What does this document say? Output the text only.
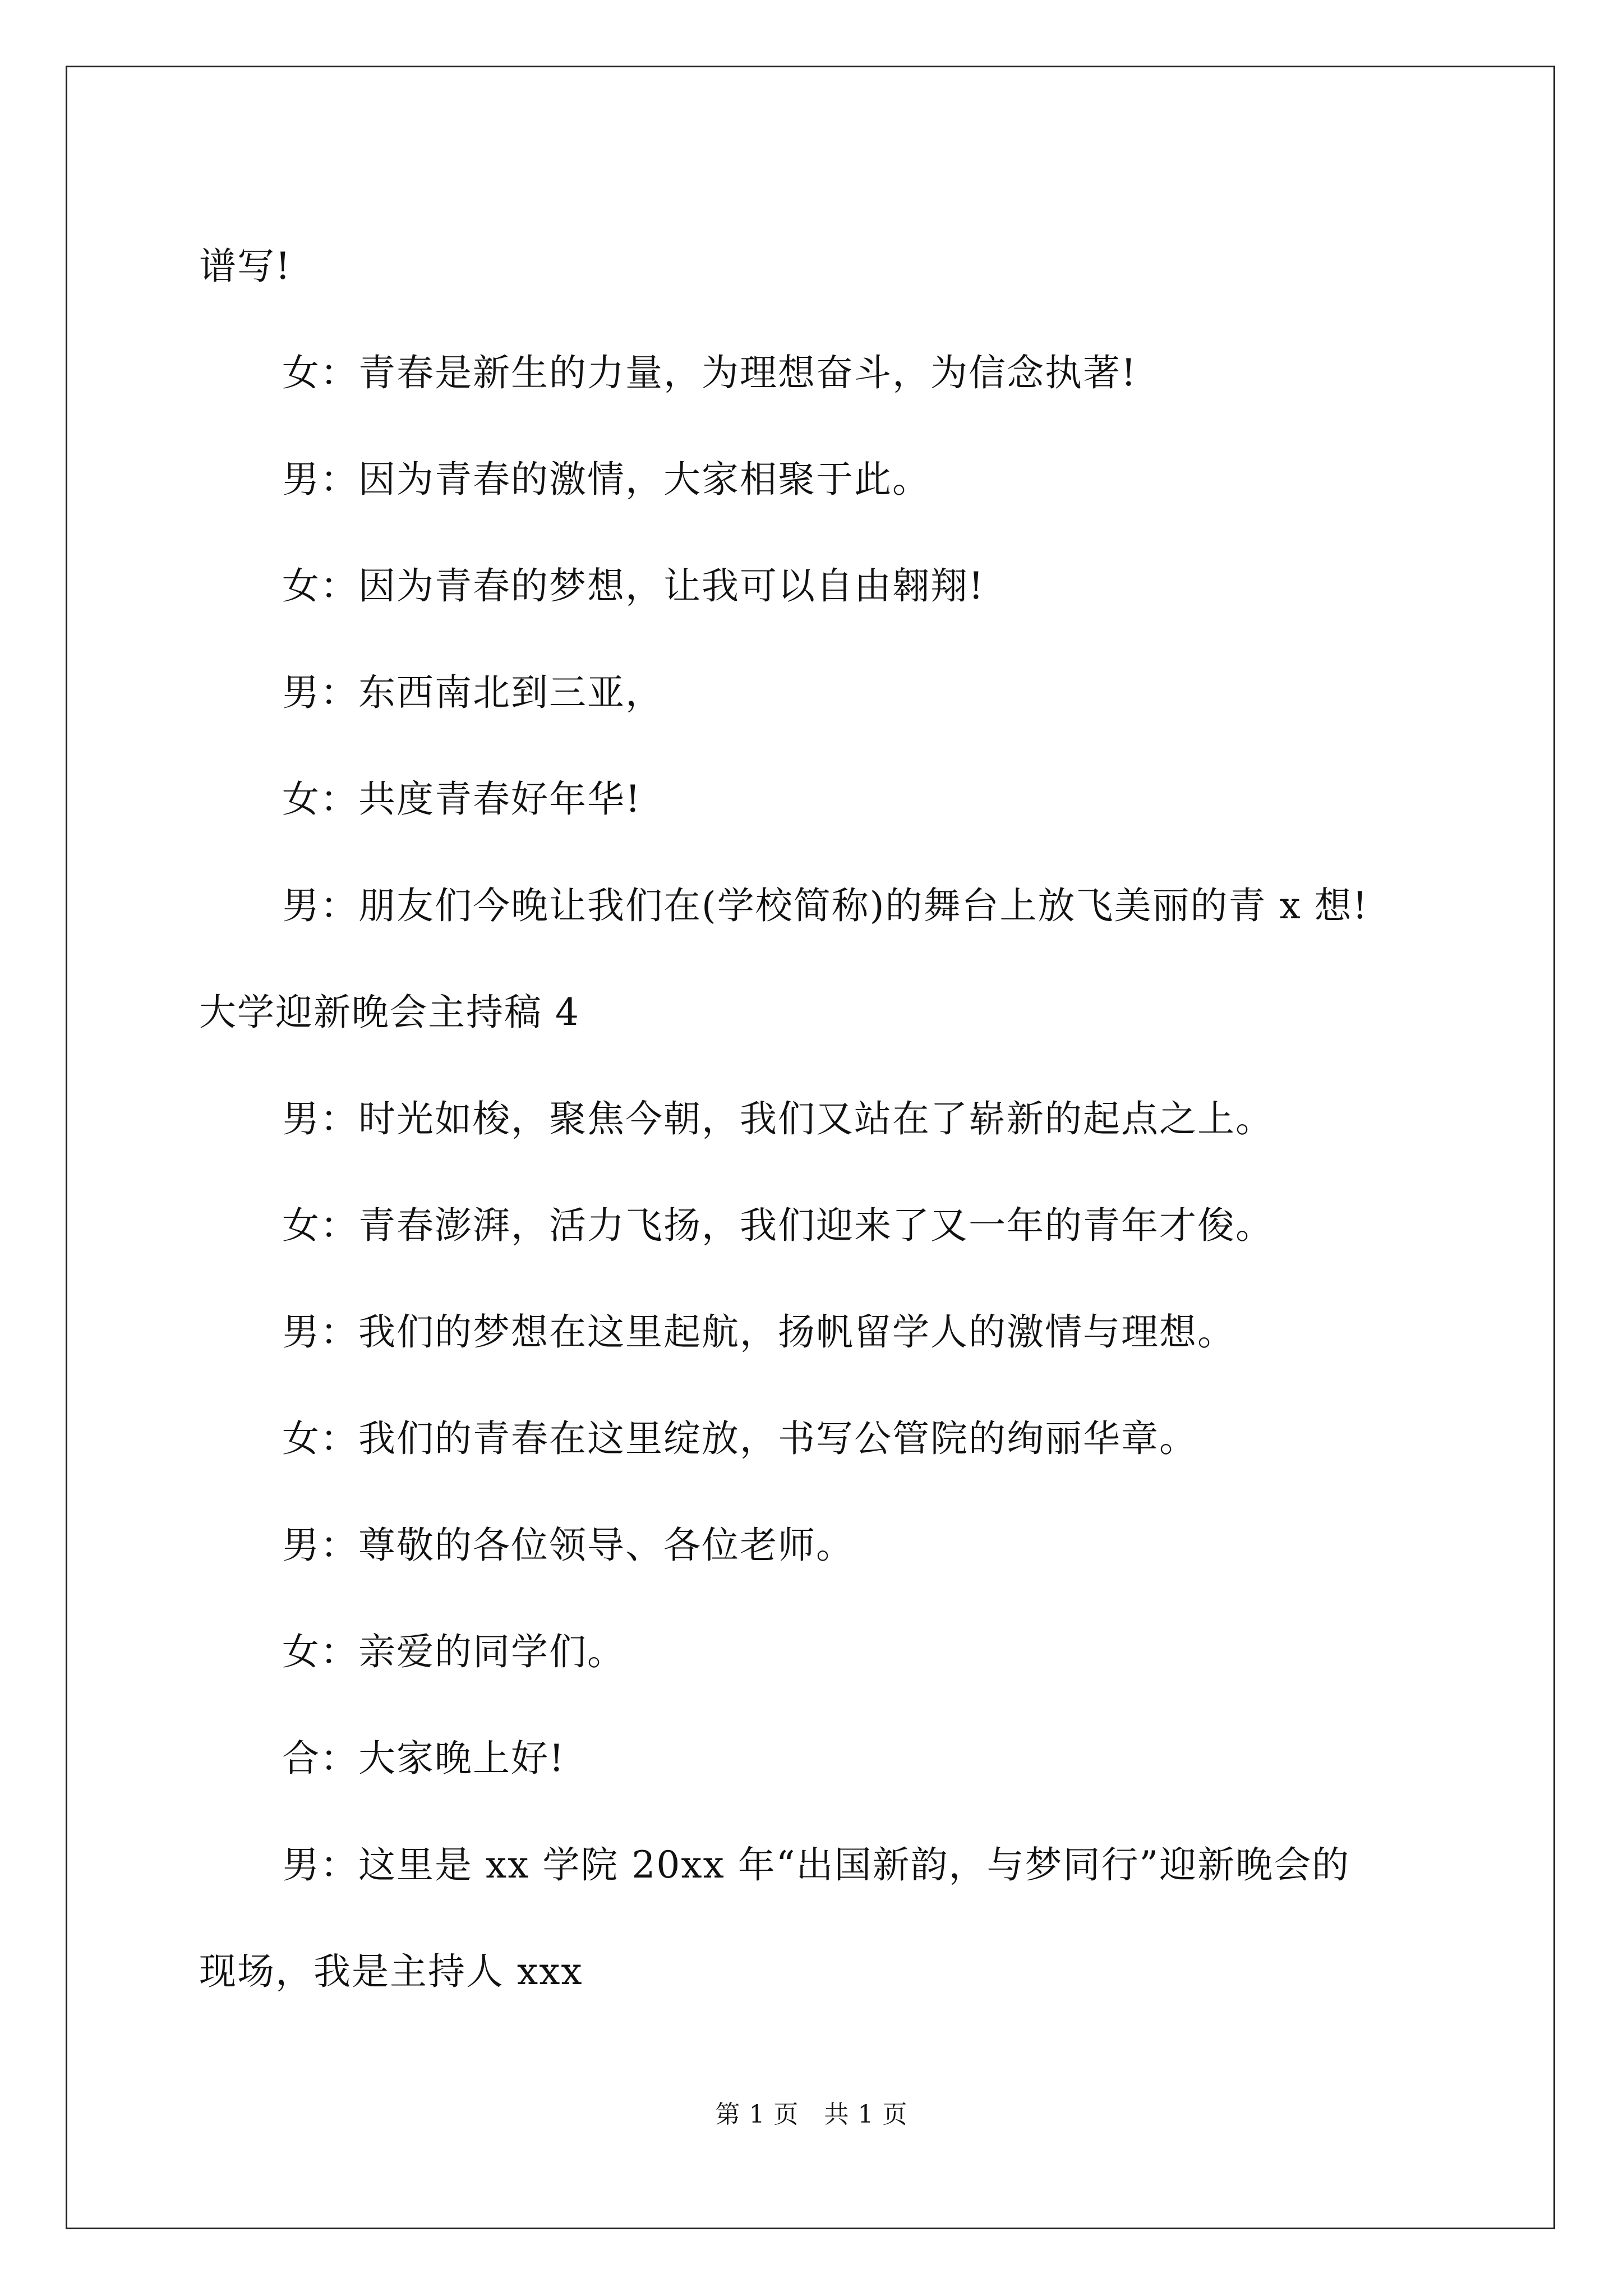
谱写!
女：青春是新生的力量，为理想奋斗，为信念执著!
男：因为青春的激情，大家相聚于此。
女：因为青春的梦想，让我可以自由翱翔!
男：东西南北到三亚，
女：共度青春好年华!
男：朋友们今晚让我们在(学校简称)的舞台上放飞美丽的青 x 想!
大学迎新晚会主持稿 4
男：时光如梭，聚焦今朝，我们又站在了崭新的起点之上。
女：青春澎湃，活力飞扬，我们迎来了又一年的青年才俊。
男：我们的梦想在这里起航，扬帆留学人的激情与理想。
女：我们的青春在这里绽放，书写公管院的绚丽华章。
男：尊敬的各位领导、各位老师。
女：亲爱的同学们。
合：大家晚上好!
男：这里是 xx 学院 20xx 年“出国新韵，与梦同行”迎新晚会的
现场，我是主持人 xxx
第 1 页　共 1 页
